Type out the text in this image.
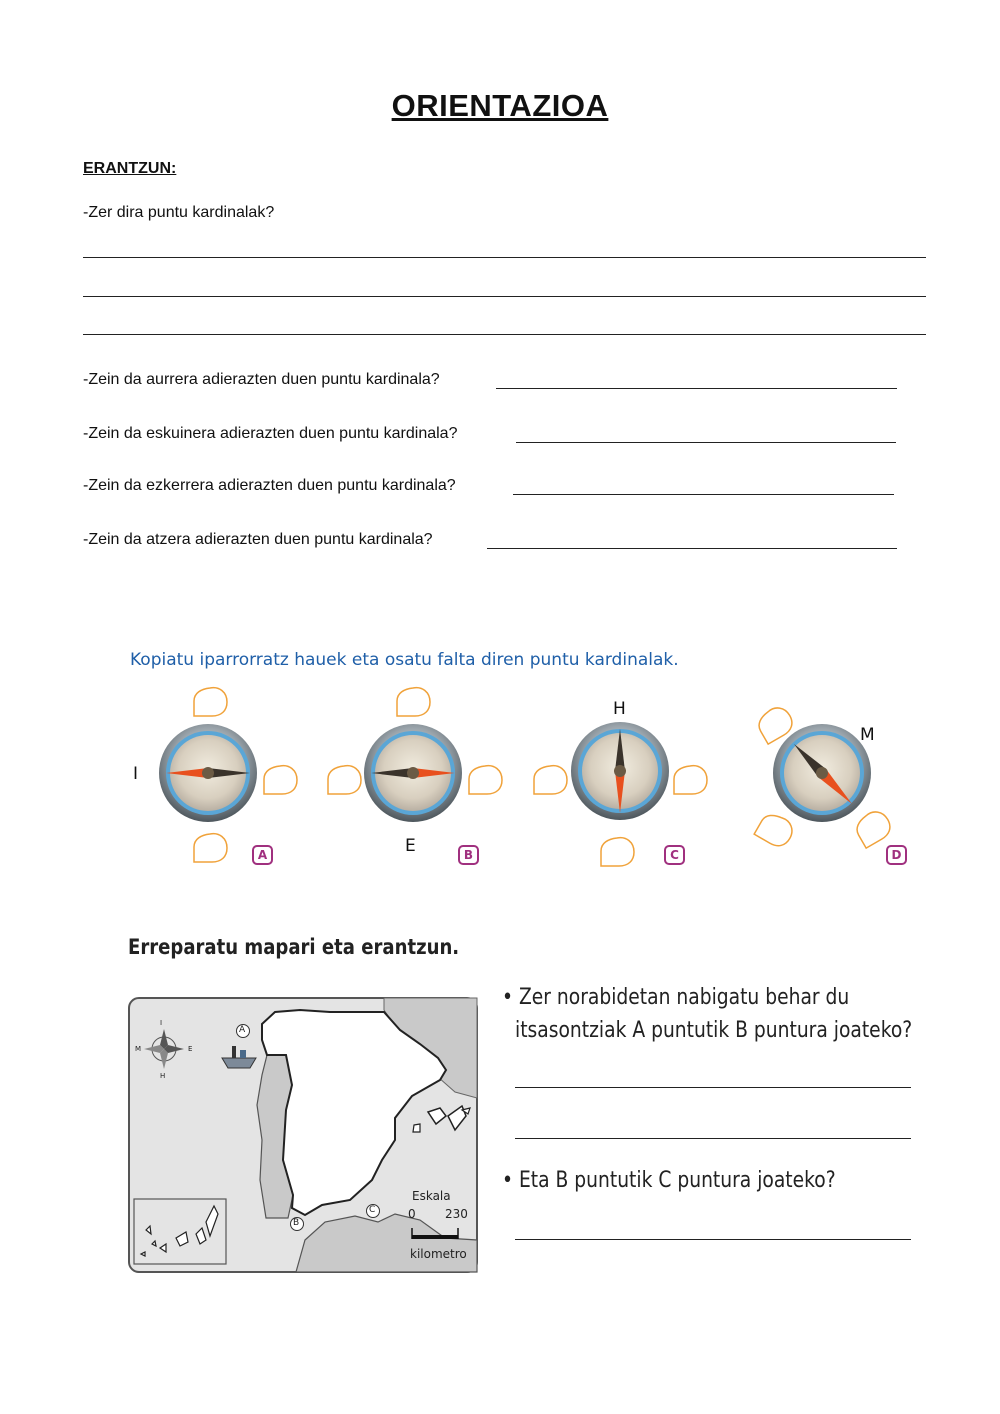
ORIENTAZIOA
ERANTZUN:
-Zer dira puntu kardinalak?
-Zein da aurrera adierazten duen puntu kardinala?
-Zein da eskuinera adierazten duen puntu kardinala?
-Zein da ezkerrera adierazten duen puntu kardinala?
-Zein da atzera adierazten duen puntu kardinala?
Kopiatu iparrorratz hauek eta osatu falta diren puntu kardinalak.
I
E
H
M
A	B	C	D
Erreparatu mapari eta erantzun.
I
H
M	E
A
B
C
Eskala
0 230
kilometro
• Zer norabidetan nabigatu behar du
itsasontziak A puntutik B puntura joateko?
• Eta B puntutik C puntura joateko?
